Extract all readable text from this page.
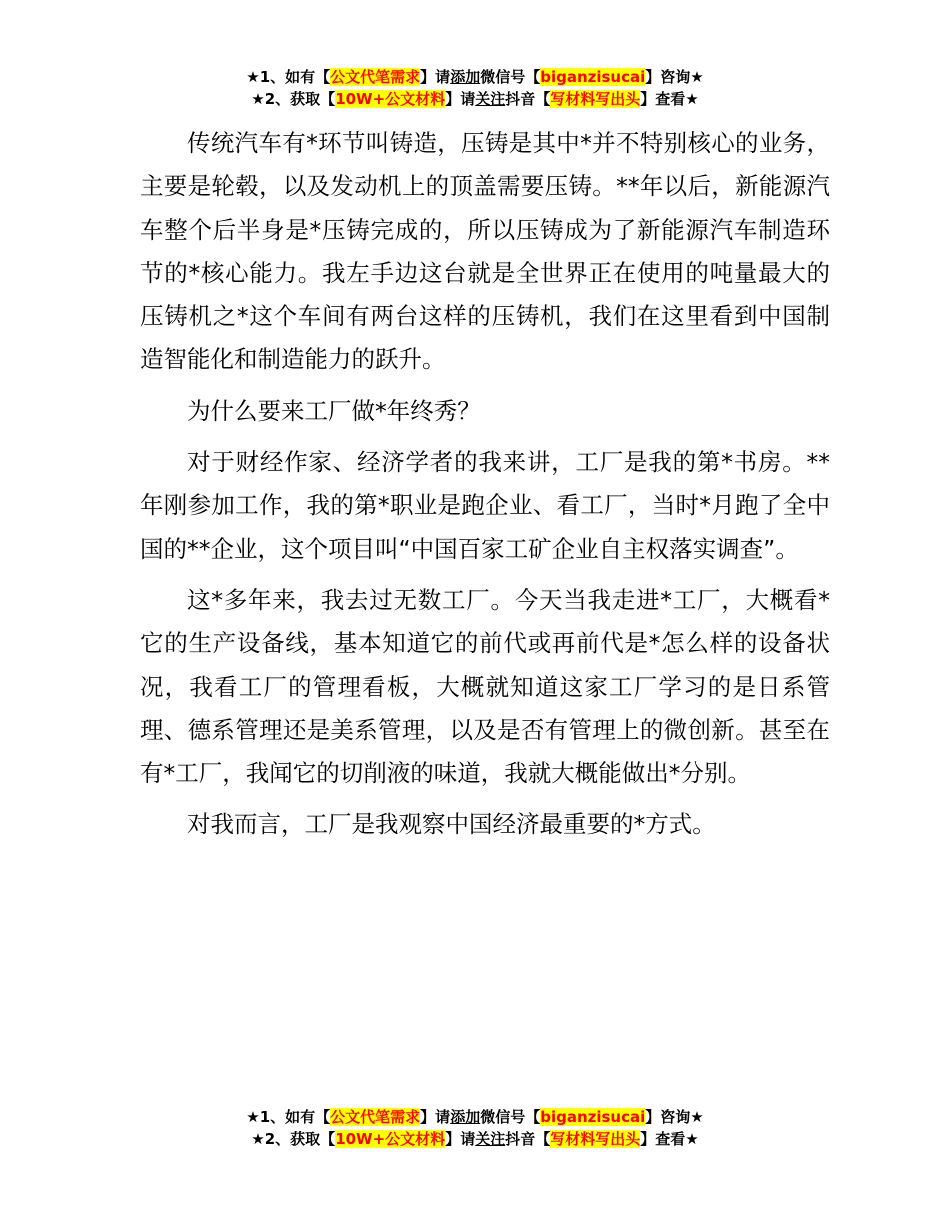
★1、如有【公文代笔需求】请添加微信号【biganzisucai】咨询★
★2、获取【10W+公文材料】请关注抖音【写材料写出头】查看★

传统汽车有*环节叫铸造，压铸是其中*并不特别核心的业务，主要是轮毂，以及发动机上的顶盖需要压铸。**年以后，新能源汽车整个后半身是*压铸完成的，所以压铸成为了新能源汽车制造环节的*核心能力。我左手边这台就是全世界正在使用的吨量最大的压铸机之*这个车间有两台这样的压铸机，我们在这里看到中国制造智能化和制造能力的跃升。

为什么要来工厂做*年终秀？

对于财经作家、经济学者的我来讲，工厂是我的第*书房。**年刚参加工作，我的第*职业是跑企业、看工厂，当时*月跑了全中国的**企业，这个项目叫“中国百家工矿企业自主权落实调查”。

这*多年来，我去过无数工厂。今天当我走进*工厂，大概看*它的生产设备线，基本知道它的前代或再前代是*怎么样的设备状况，我看工厂的管理看板，大概就知道这家工厂学习的是日系管理、德系管理还是美系管理，以及是否有管理上的微创新。甚至在有*工厂，我闻它的切削液的味道，我就大概能做出*分别。

对我而言，工厂是我观察中国经济最重要的*方式。

★1、如有【公文代笔需求】请添加微信号【biganzisucai】咨询★
★2、获取【10W+公文材料】请关注抖音【写材料写出头】查看★
